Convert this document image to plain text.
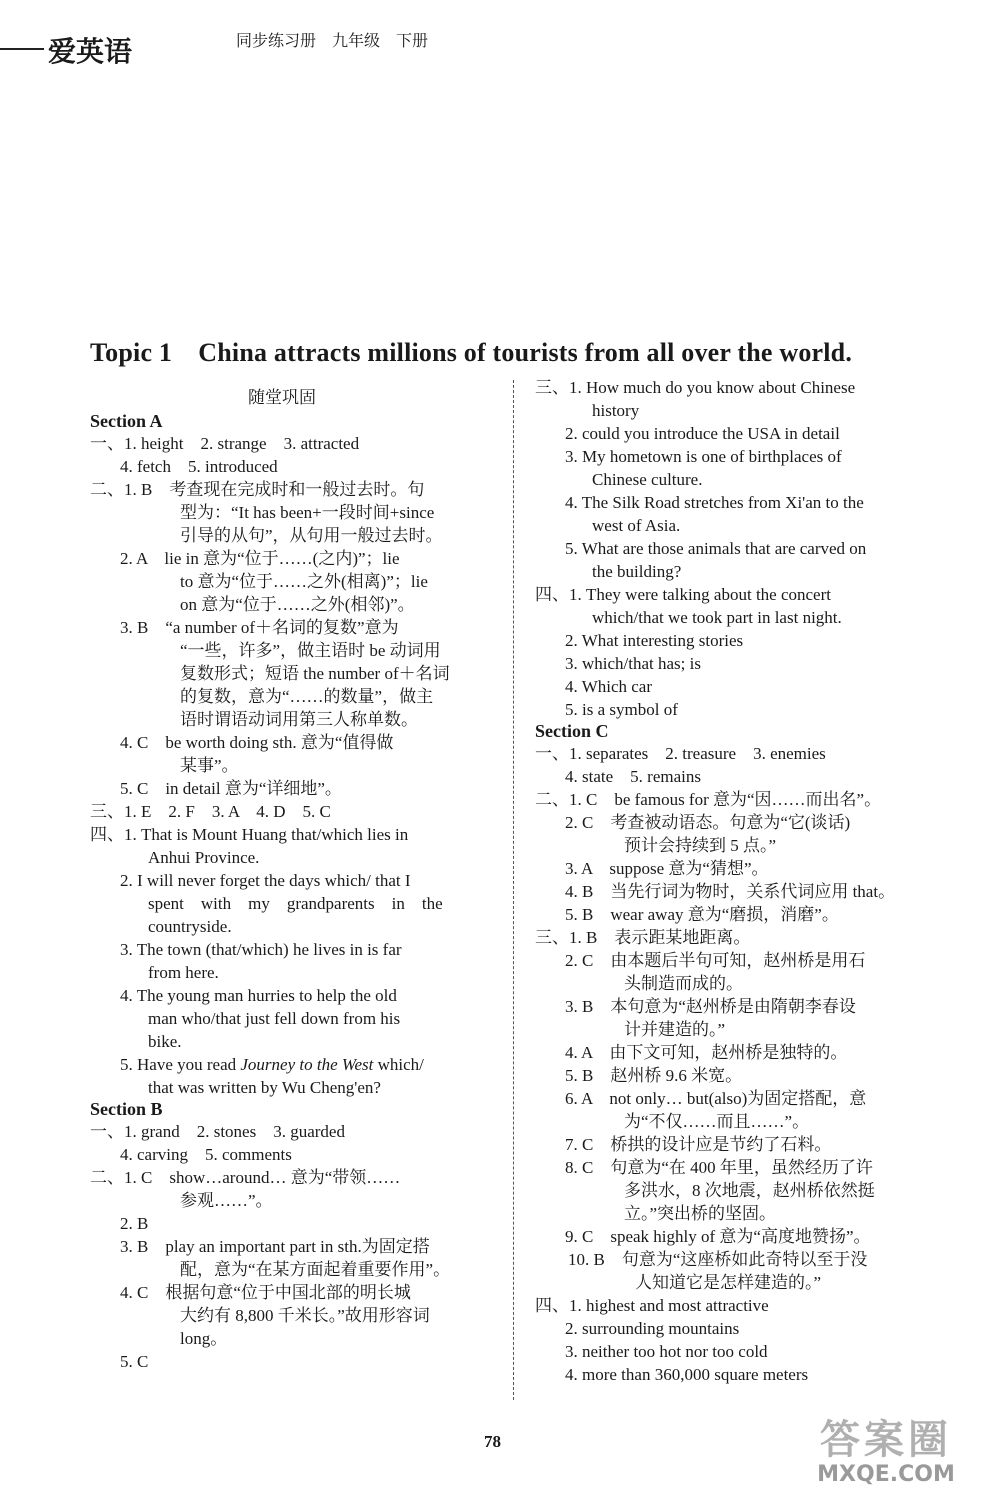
爱英语	同步练习册　九年级　下册
Topic 1　China attracts millions of tourists from all over the world.
随堂巩固
Section A
一、1. height　2. strange　3. attracted
4. fetch　5. introduced
二、1. B　考查现在完成时和一般过去时。句
型为：“It has been+一段时间+since
引导的从句”，从句用一般过去时。
2. A　lie in 意为“位于……(之内)”；lie
to 意为“位于……之外(相离)”；lie
on 意为“位于……之外(相邻)”。
3. B　“a number of＋名词的复数”意为
“一些，许多”，做主语时 be 动词用
复数形式；短语 the number of＋名词
的复数，意为“……的数量”，做主
语时谓语动词用第三人称单数。
4. C　be worth doing sth. 意为“值得做
某事”。
5. C　in detail 意为“详细地”。
三、1. E　2. F　3. A　4. D　5. C
四、1. That is Mount Huang that/which lies in
Anhui Province.
2. I will never forget the days which/ that I
spent　with　my　grandparents　in　the
countryside.
3. The town (that/which) he lives in is far
from here.
4. The young man hurries to help the old
man who/that just fell down from his
bike.
5. Have you read Journey to the West which/
that was written by Wu Cheng'en?
Section B
一、1. grand　2. stones　3. guarded
4. carving　5. comments
二、1. C　show…around… 意为“带领……
参观……”。
2. B
3. B　play an important part in sth.为固定搭
配，意为“在某方面起着重要作用”。
4. C　根据句意“位于中国北部的明长城
大约有 8,800 千米长。”故用形容词
long。
5. C
三、1. How much do you know about Chinese
history
2. could you introduce the USA in detail
3. My hometown is one of birthplaces of
Chinese culture.
4. The Silk Road stretches from Xi'an to the
west of Asia.
5. What are those animals that are carved on
the building?
四、1. They were talking about the concert
which/that we took part in last night.
2. What interesting stories
3. which/that has; is
4. Which car
5. is a symbol of
Section C
一、1. separates　2. treasure　3. enemies
4. state　5. remains
二、1. C　be famous for 意为“因……而出名”。
2. C　考查被动语态。句意为“它(谈话)
预计会持续到 5 点。”
3. A　suppose 意为“猜想”。
4. B　当先行词为物时，关系代词应用 that。
5. B　wear away 意为“磨损，消磨”。
三、1. B　表示距某地距离。
2. C　由本题后半句可知，赵州桥是用石
头制造而成的。
3. B　本句意为“赵州桥是由隋朝李春设
计并建造的。”
4. A　由下文可知，赵州桥是独特的。
5. B　赵州桥 9.6 米宽。
6. A　not only… but(also)为固定搭配，意
为“不仅……而且……”。
7. C　桥拱的设计应是节约了石料。
8. C　句意为“在 400 年里，虽然经历了许
多洪水，8 次地震，赵州桥依然挺
立。”突出桥的坚固。
9. C　speak highly of 意为“高度地赞扬”。
10. B　句意为“这座桥如此奇特以至于没
人知道它是怎样建造的。”
四、1. highest and most attractive
2. surrounding mountains
3. neither too hot nor too cold
4. more than 360,000 square meters
78	答案圈
MXQE.COM
